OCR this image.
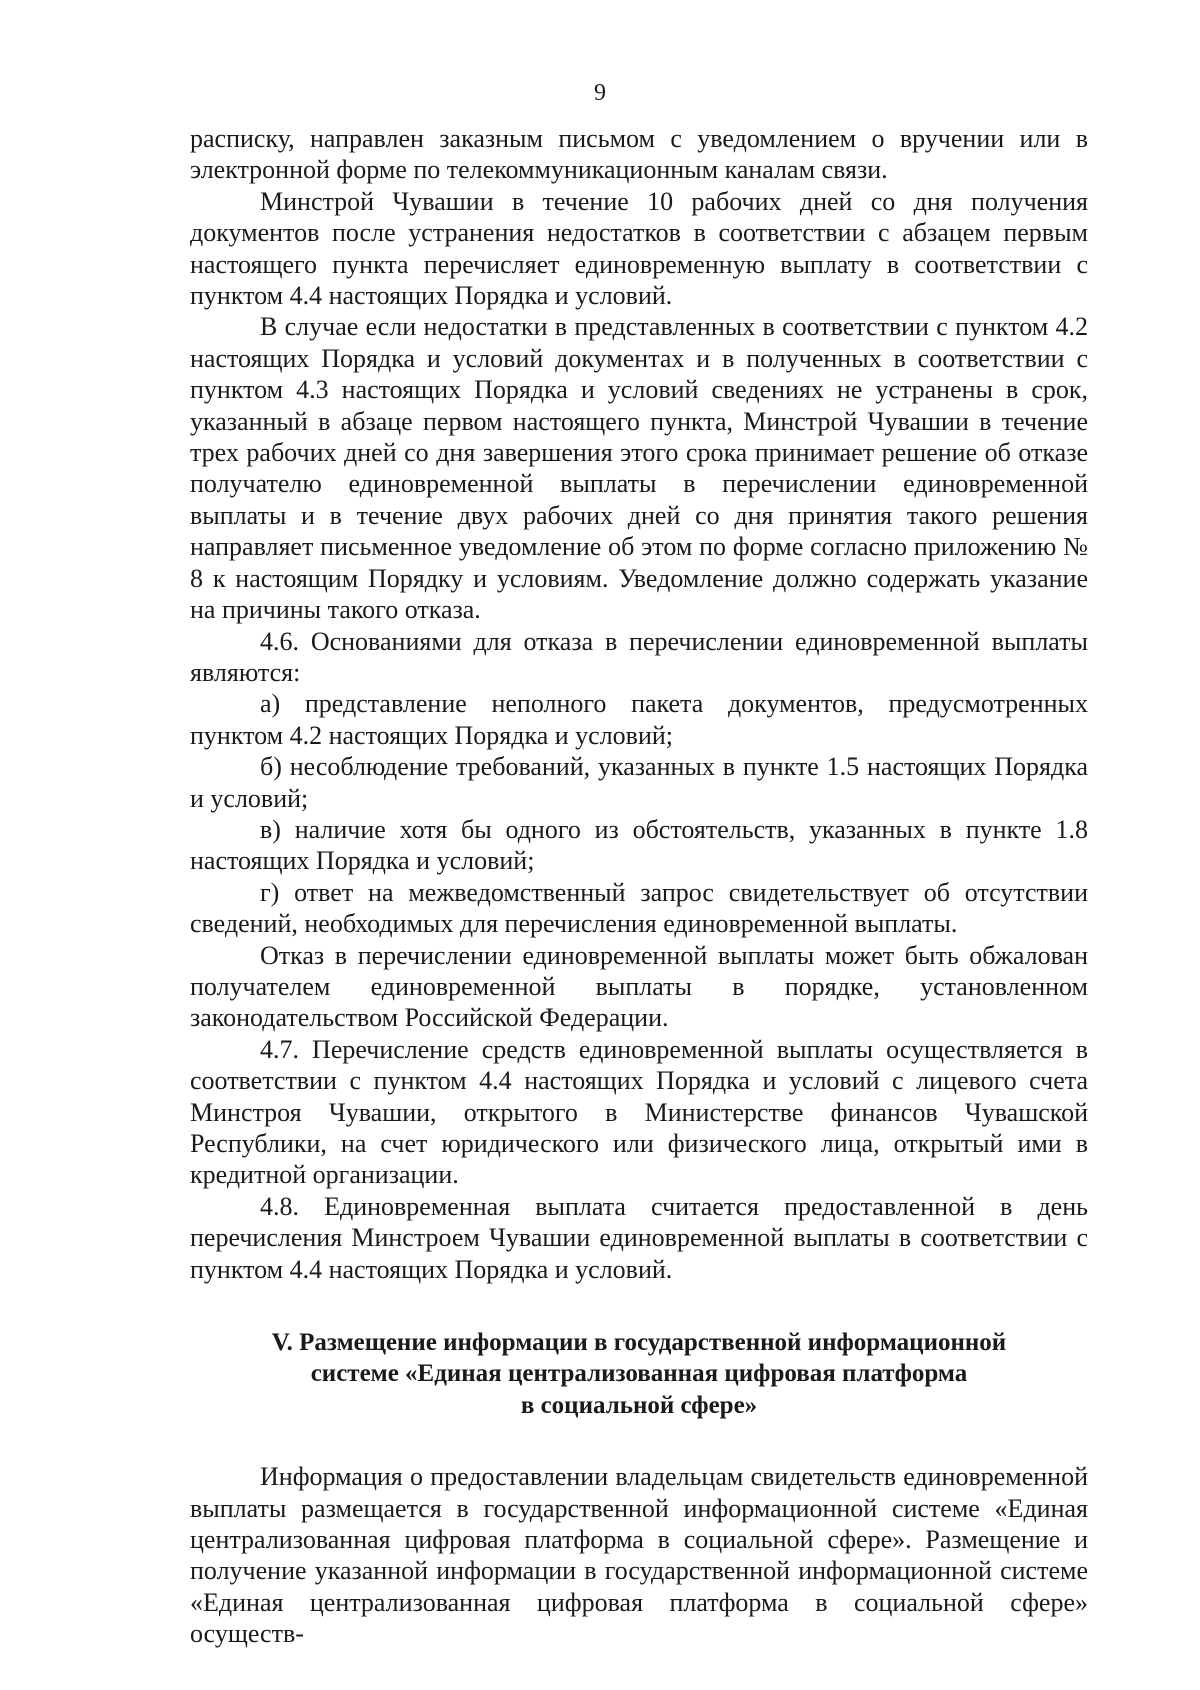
9

расписку, направлен заказным письмом с уведомлением о вручении или в электронной форме по телекоммуникационным каналам связи.

Минстрой Чувашии в течение 10 рабочих дней со дня получения документов после устранения недостатков в соответствии с абзацем первым настоящего пункта перечисляет единовременную выплату в соответствии с пунктом 4.4 настоящих Порядка и условий.

В случае если недостатки в представленных в соответствии с пунктом 4.2 настоящих Порядка и условий документах и в полученных в соответствии с пунктом 4.3 настоящих Порядка и условий сведениях не устранены в срок, указанный в абзаце первом настоящего пункта, Минстрой Чувашии в течение трех рабочих дней со дня завершения этого срока принимает решение об отказе получателю единовременной выплаты в перечислении единовременной выплаты и в течение двух рабочих дней со дня принятия такого решения направляет письменное уведомление об этом по форме согласно приложению № 8 к настоящим Порядку и условиям. Уведомление должно содержать указание на причины такого отказа.

4.6. Основаниями для отказа в перечислении единовременной выплаты являются:

а) представление неполного пакета документов, предусмотренных пунктом 4.2 настоящих Порядка и условий;

б) несоблюдение требований, указанных в пункте 1.5 настоящих Порядка и условий;

в) наличие хотя бы одного из обстоятельств, указанных в пункте 1.8 настоящих Порядка и условий;

г) ответ на межведомственный запрос свидетельствует об отсутствии сведений, необходимых для перечисления единовременной выплаты.

Отказ в перечислении единовременной выплаты может быть обжалован получателем единовременной выплаты в порядке, установленном законодательством Российской Федерации.

4.7. Перечисление средств единовременной выплаты осуществляется в соответствии с пунктом 4.4 настоящих Порядка и условий с лицевого счета Минстроя Чувашии, открытого в Министерстве финансов Чувашской Республики, на счет юридического или физического лица, открытый ими в кредитной организации.

4.8. Единовременная выплата считается предоставленной в день перечисления Минстроем Чувашии единовременной выплаты в соответствии с пунктом 4.4 настоящих Порядка и условий.

V. Размещение информации в государственной информационной
системе «Единая централизованная цифровая платформа
в социальной сфере»

Информация о предоставлении владельцам свидетельств единовременной выплаты размещается в государственной информационной системе «Единая централизованная цифровая платформа в социальной сфере». Размещение и получение указанной информации в государственной информационной системе «Единая централизованная цифровая платформа в социальной сфере» осуществ-
